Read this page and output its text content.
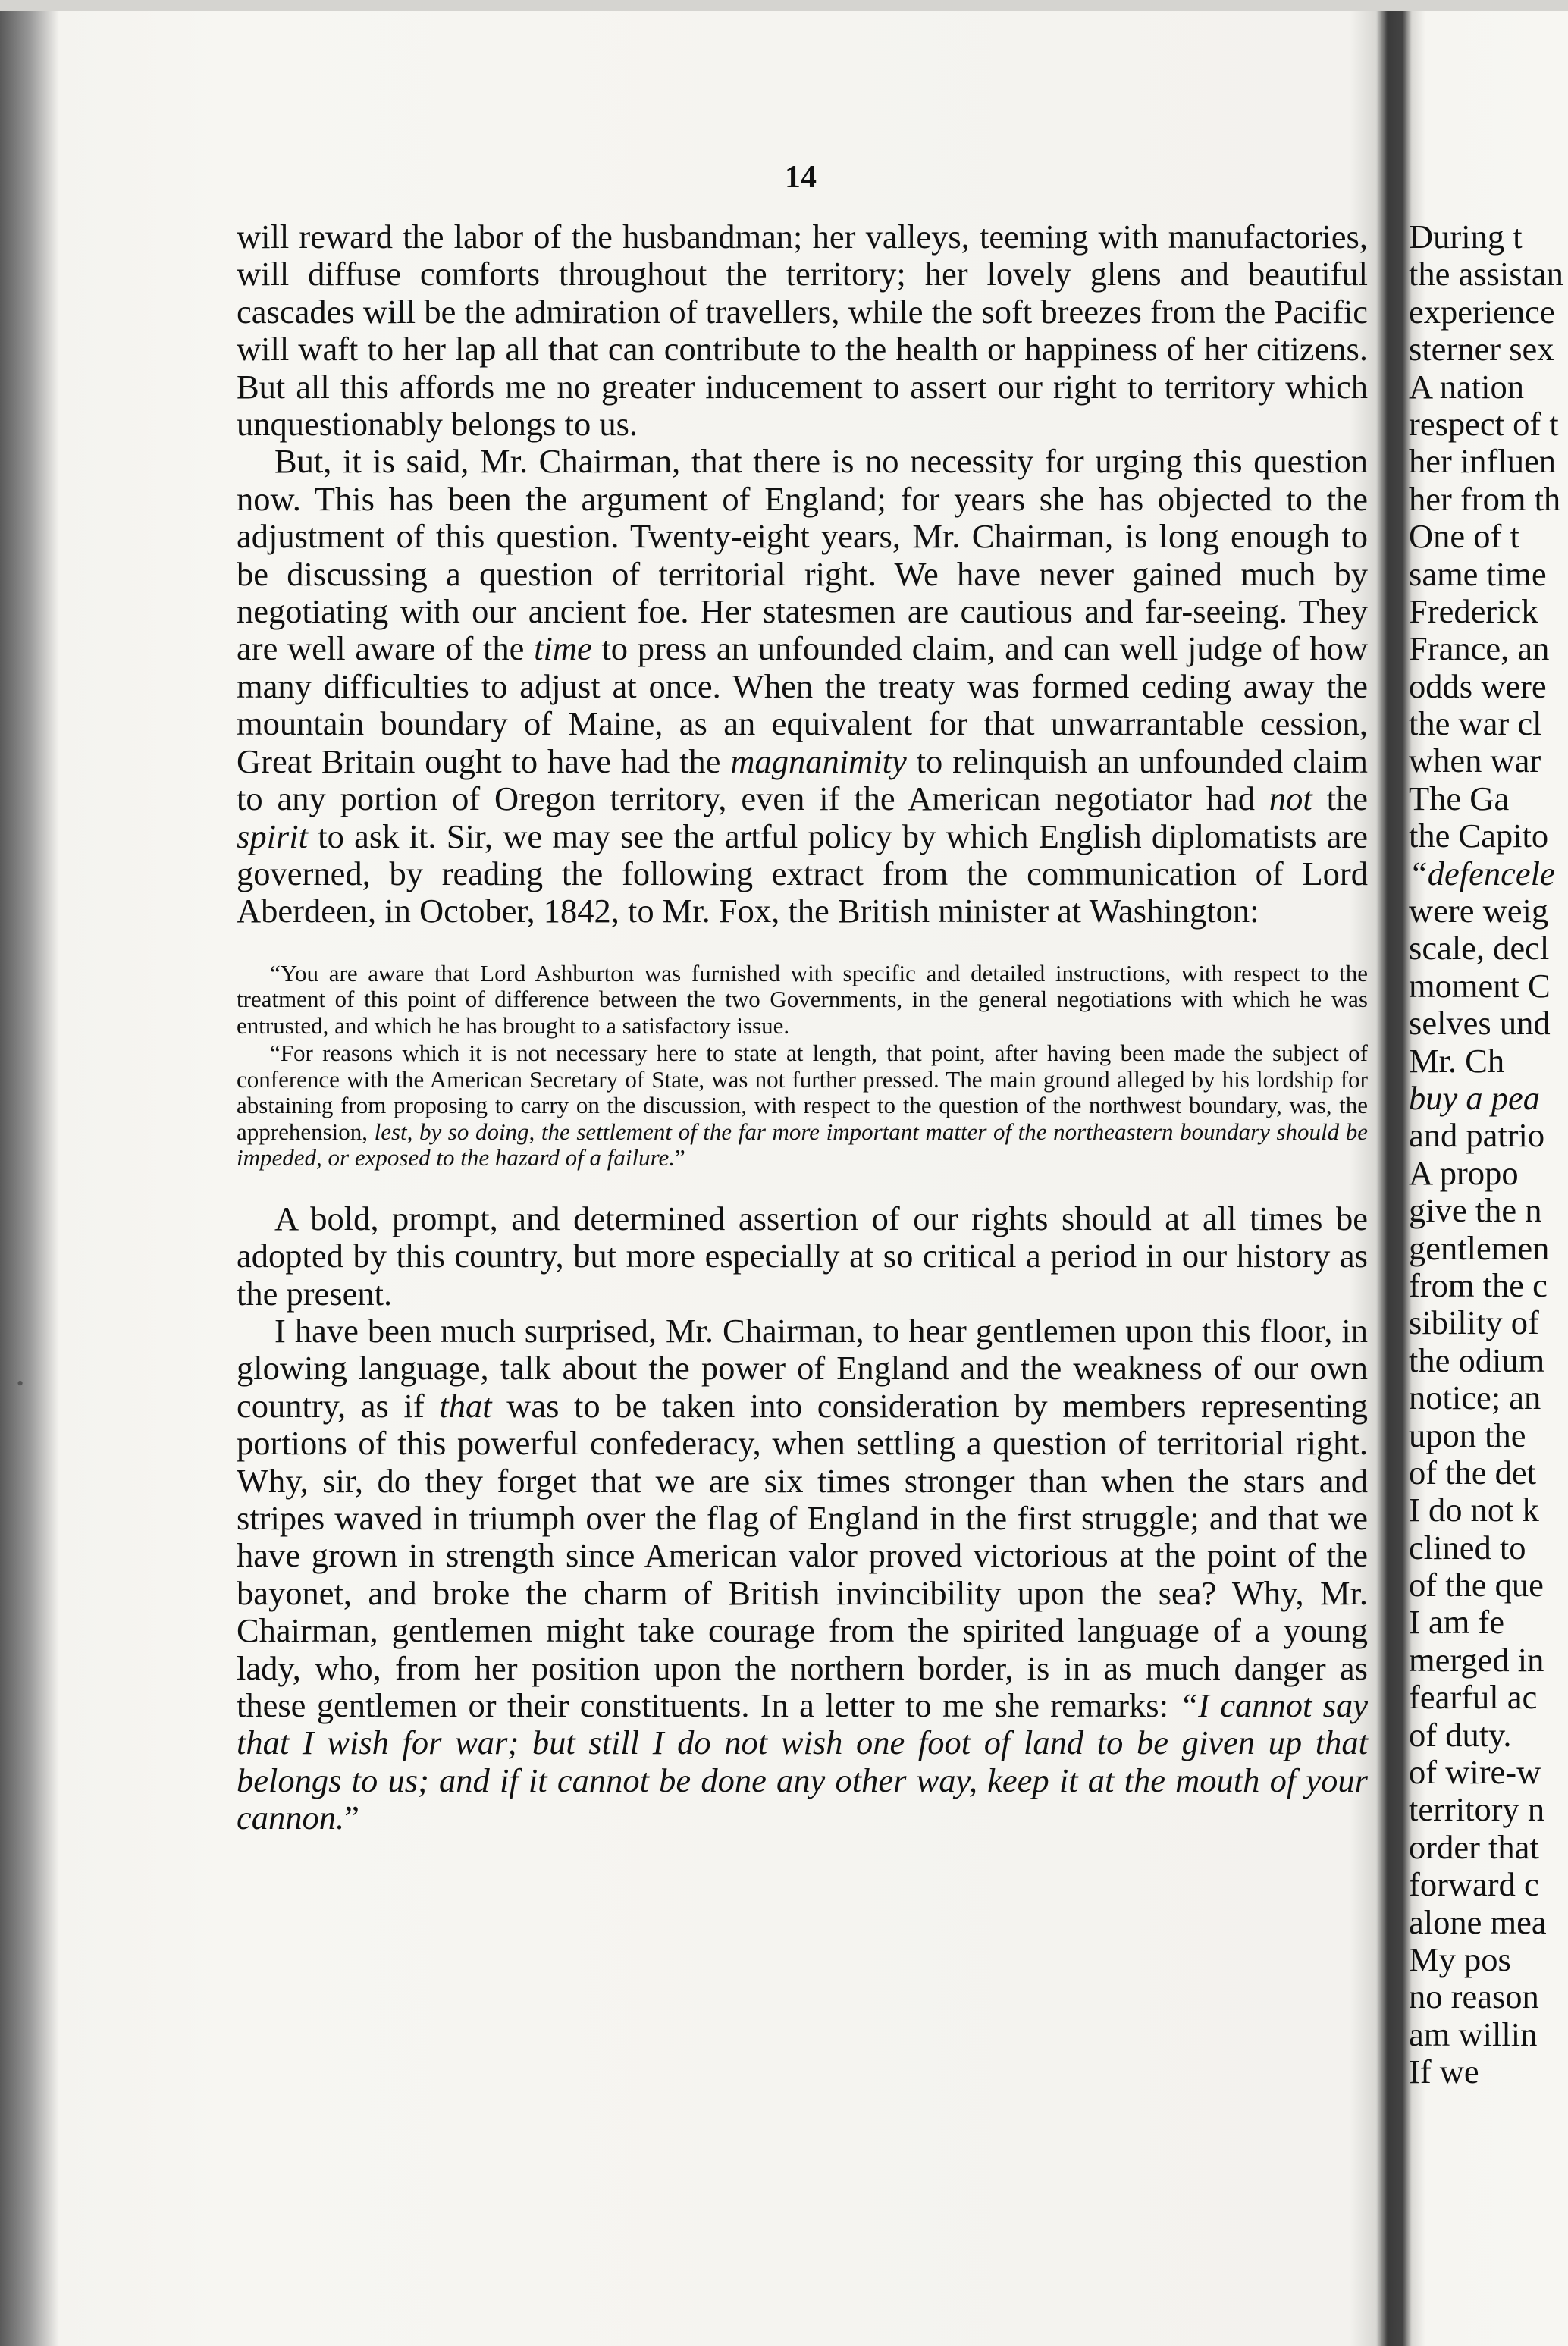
14

will reward the labor of the husbandman; her valleys, teeming with manufactories, will diffuse comforts throughout the territory; her lovely glens and beautiful cascades will be the admiration of travellers, while the soft breezes from the Pacific will waft to her lap all that can contribute to the health or happiness of her citizens. But all this affords me no greater inducement to assert our right to territory which unquestionably belongs to us.

But, it is said, Mr. Chairman, that there is no necessity for urging this question now. This has been the argument of England; for years she has objected to the adjustment of this question. Twenty-eight years, Mr. Chairman, is long enough to be discussing a question of territorial right. We have never gained much by negotiating with our ancient foe. Her statesmen are cautious and far-seeing. They are well aware of the time to press an unfounded claim, and can well judge of how many difficulties to adjust at once. When the treaty was formed ceding away the mountain boundary of Maine, as an equivalent for that unwarrantable cession, Great Britain ought to have had the magnanimity to relinquish an unfounded claim to any portion of Oregon territory, even if the American negotiator had not the spirit to ask it. Sir, we may see the artful policy by which English diplomatists are governed, by reading the following extract from the communication of Lord Aberdeen, in October, 1842, to Mr. Fox, the British minister at Washington:

“You are aware that Lord Ashburton was furnished with specific and detailed instructions, with respect to the treatment of this point of difference between the two Governments, in the general negotiations with which he was entrusted, and which he has brought to a satisfactory issue.

“For reasons which it is not necessary here to state at length, that point, after having been made the subject of conference with the American Secretary of State, was not further pressed. The main ground alleged by his lordship for abstaining from proposing to carry on the discussion, with respect to the question of the northwest boundary, was, the apprehension, lest, by so doing, the settlement of the far more important matter of the northeastern boundary should be impeded, or exposed to the hazard of a failure.”

A bold, prompt, and determined assertion of our rights should at all times be adopted by this country, but more especially at so critical a period in our history as the present.

I have been much surprised, Mr. Chairman, to hear gentlemen upon this floor, in glowing language, talk about the power of England and the weakness of our own country, as if that was to be taken into consideration by members representing portions of this powerful confederacy, when settling a question of territorial right. Why, sir, do they forget that we are six times stronger than when the stars and stripes waved in triumph over the flag of England in the first struggle; and that we have grown in strength since American valor proved victorious at the point of the bayonet, and broke the charm of British invincibility upon the sea? Why, Mr. Chairman, gentlemen might take courage from the spirited language of a young lady, who, from her position upon the northern border, is in as much danger as these gentlemen or their constituents. In a letter to me she remarks: “I cannot say that I wish for war; but still I do not wish one foot of land to be given up that belongs to us; and if it cannot be done any other way, keep it at the mouth of your cannon.”

During t
the assistan
experience
sterner sex
A nation
respect of t
her influen
her from th
One of t
same time
Frederick
France, an
odds were
the war cl
when war
The Ga
the Capito
“defencele
were weig
scale, decl
moment C
selves und
Mr. Ch
buy a pea
and patrio
A propo
give the n
gentlemen
from the c
sibility of
the odium
notice; an
upon the
of the det
I do not k
clined to
of the que
I am fe
merged in
fearful ac
of duty.
of wire-w
territory n
order that
forward c
alone mea
My pos
no reason
am willin
If we
•
